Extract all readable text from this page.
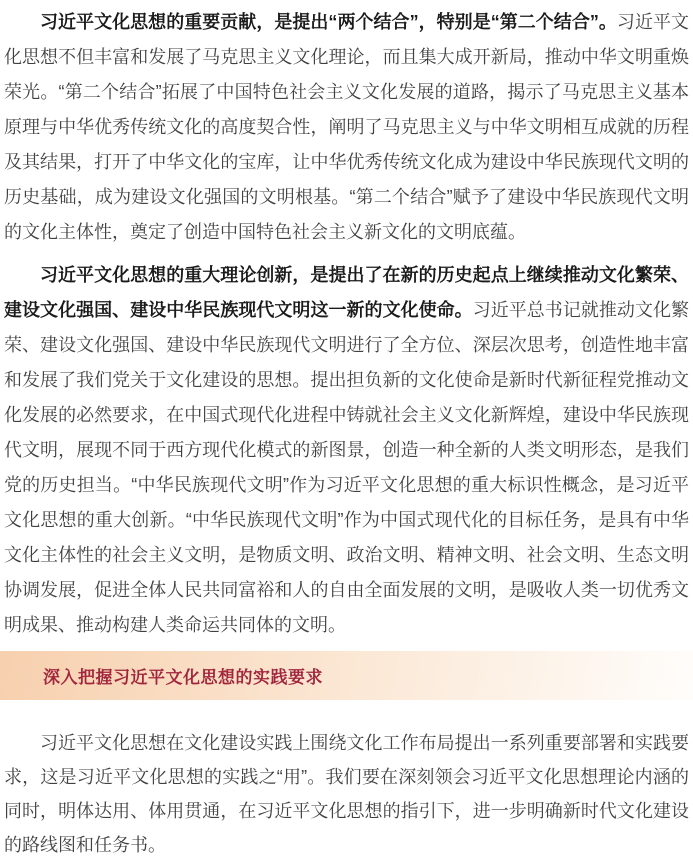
习近平文化思想的重要贡献，是提出“两个结合”，特别是“第二个结合”。习近平文化思想不但丰富和发展了马克思主义文化理论，而且集大成开新局，推动中华文明重焕荣光。“第二个结合”拓展了中国特色社会主义文化发展的道路，揭示了马克思主义基本原理与中华优秀传统文化的高度契合性，阐明了马克思主义与中华文明相互成就的历程及其结果，打开了中华文化的宝库，让中华优秀传统文化成为建设中华民族现代文明的历史基础，成为建设文化强国的文明根基。“第二个结合”赋予了建设中华民族现代文明的文化主体性，奠定了创造中国特色社会主义新文化的文明底蕴。

习近平文化思想的重大理论创新，是提出了在新的历史起点上继续推动文化繁荣、建设文化强国、建设中华民族现代文明这一新的文化使命。习近平总书记就推动文化繁荣、建设文化强国、建设中华民族现代文明进行了全方位、深层次思考，创造性地丰富和发展了我们党关于文化建设的思想。提出担负新的文化使命是新时代新征程党推动文化发展的必然要求，在中国式现代化进程中铸就社会主义文化新辉煌，建设中华民族现代文明，展现不同于西方现代化模式的新图景，创造一种全新的人类文明形态，是我们党的历史担当。“中华民族现代文明”作为习近平文化思想的重大标识性概念，是习近平文化思想的重大创新。“中华民族现代文明”作为中国式现代化的目标任务，是具有中华文化主体性的社会主义文明，是物质文明、政治文明、精神文明、社会文明、生态文明协调发展，促进全体人民共同富裕和人的自由全面发展的文明，是吸收人类一切优秀文明成果、推动构建人类命运共同体的文明。

深入把握习近平文化思想的实践要求

习近平文化思想在文化建设实践上围绕文化工作布局提出一系列重要部署和实践要求，这是习近平文化思想的实践之“用”。我们要在深刻领会习近平文化思想理论内涵的同时，明体达用、体用贯通，在习近平文化思想的指引下，进一步明确新时代文化建设的路线图和任务书。
